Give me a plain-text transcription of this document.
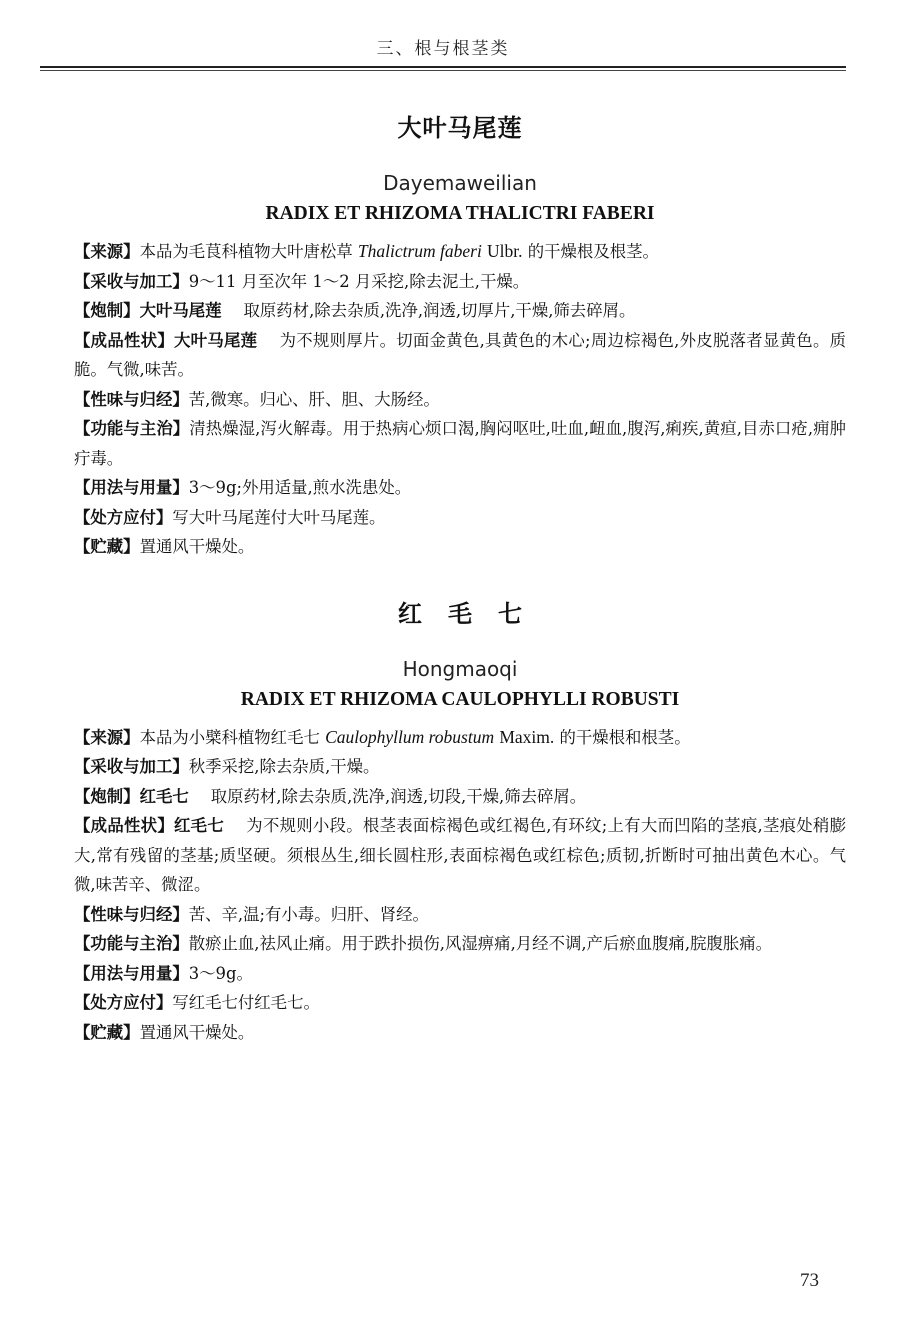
三、根与根茎类
大叶马尾莲
Dayemaweilian
RADIX ET RHIZOMA THALICTRI FABERI

【来源】本品为毛茛科植物大叶唐松草 Thalictrum faberi Ulbr. 的干燥根及根茎。

【采收与加工】9～11 月至次年 1～2 月采挖,除去泥土,干燥。

【炮制】大叶马尾莲 取原药材,除去杂质,洗净,润透,切厚片,干燥,筛去碎屑。

【成品性状】大叶马尾莲 为不规则厚片。切面金黄色,具黄色的木心;周边棕褐色,外皮脱落者显黄色。质脆。气微,味苦。

【性味与归经】苦,微寒。归心、肝、胆、大肠经。

【功能与主治】清热燥湿,泻火解毒。用于热病心烦口渴,胸闷呕吐,吐血,衄血,腹泻,痢疾,黄疸,目赤口疮,痈肿疔毒。

【用法与用量】3～9g;外用适量,煎水洗患处。

【处方应付】写大叶马尾莲付大叶马尾莲。

【贮藏】置通风干燥处。

红毛七
Hongmaoqi
RADIX ET RHIZOMA CAULOPHYLLI ROBUSTI

【来源】本品为小檗科植物红毛七 Caulophyllum robustum Maxim. 的干燥根和根茎。

【采收与加工】秋季采挖,除去杂质,干燥。

【炮制】红毛七 取原药材,除去杂质,洗净,润透,切段,干燥,筛去碎屑。

【成品性状】红毛七 为不规则小段。根茎表面棕褐色或红褐色,有环纹;上有大而凹陷的茎痕,茎痕处稍膨大,常有残留的茎基;质坚硬。须根丛生,细长圆柱形,表面棕褐色或红棕色;质韧,折断时可抽出黄色木心。气微,味苦辛、微涩。

【性味与归经】苦、辛,温;有小毒。归肝、肾经。

【功能与主治】散瘀止血,祛风止痛。用于跌扑损伤,风湿痹痛,月经不调,产后瘀血腹痛,脘腹胀痛。

【用法与用量】3～9g。

【处方应付】写红毛七付红毛七。

【贮藏】置通风干燥处。

73
